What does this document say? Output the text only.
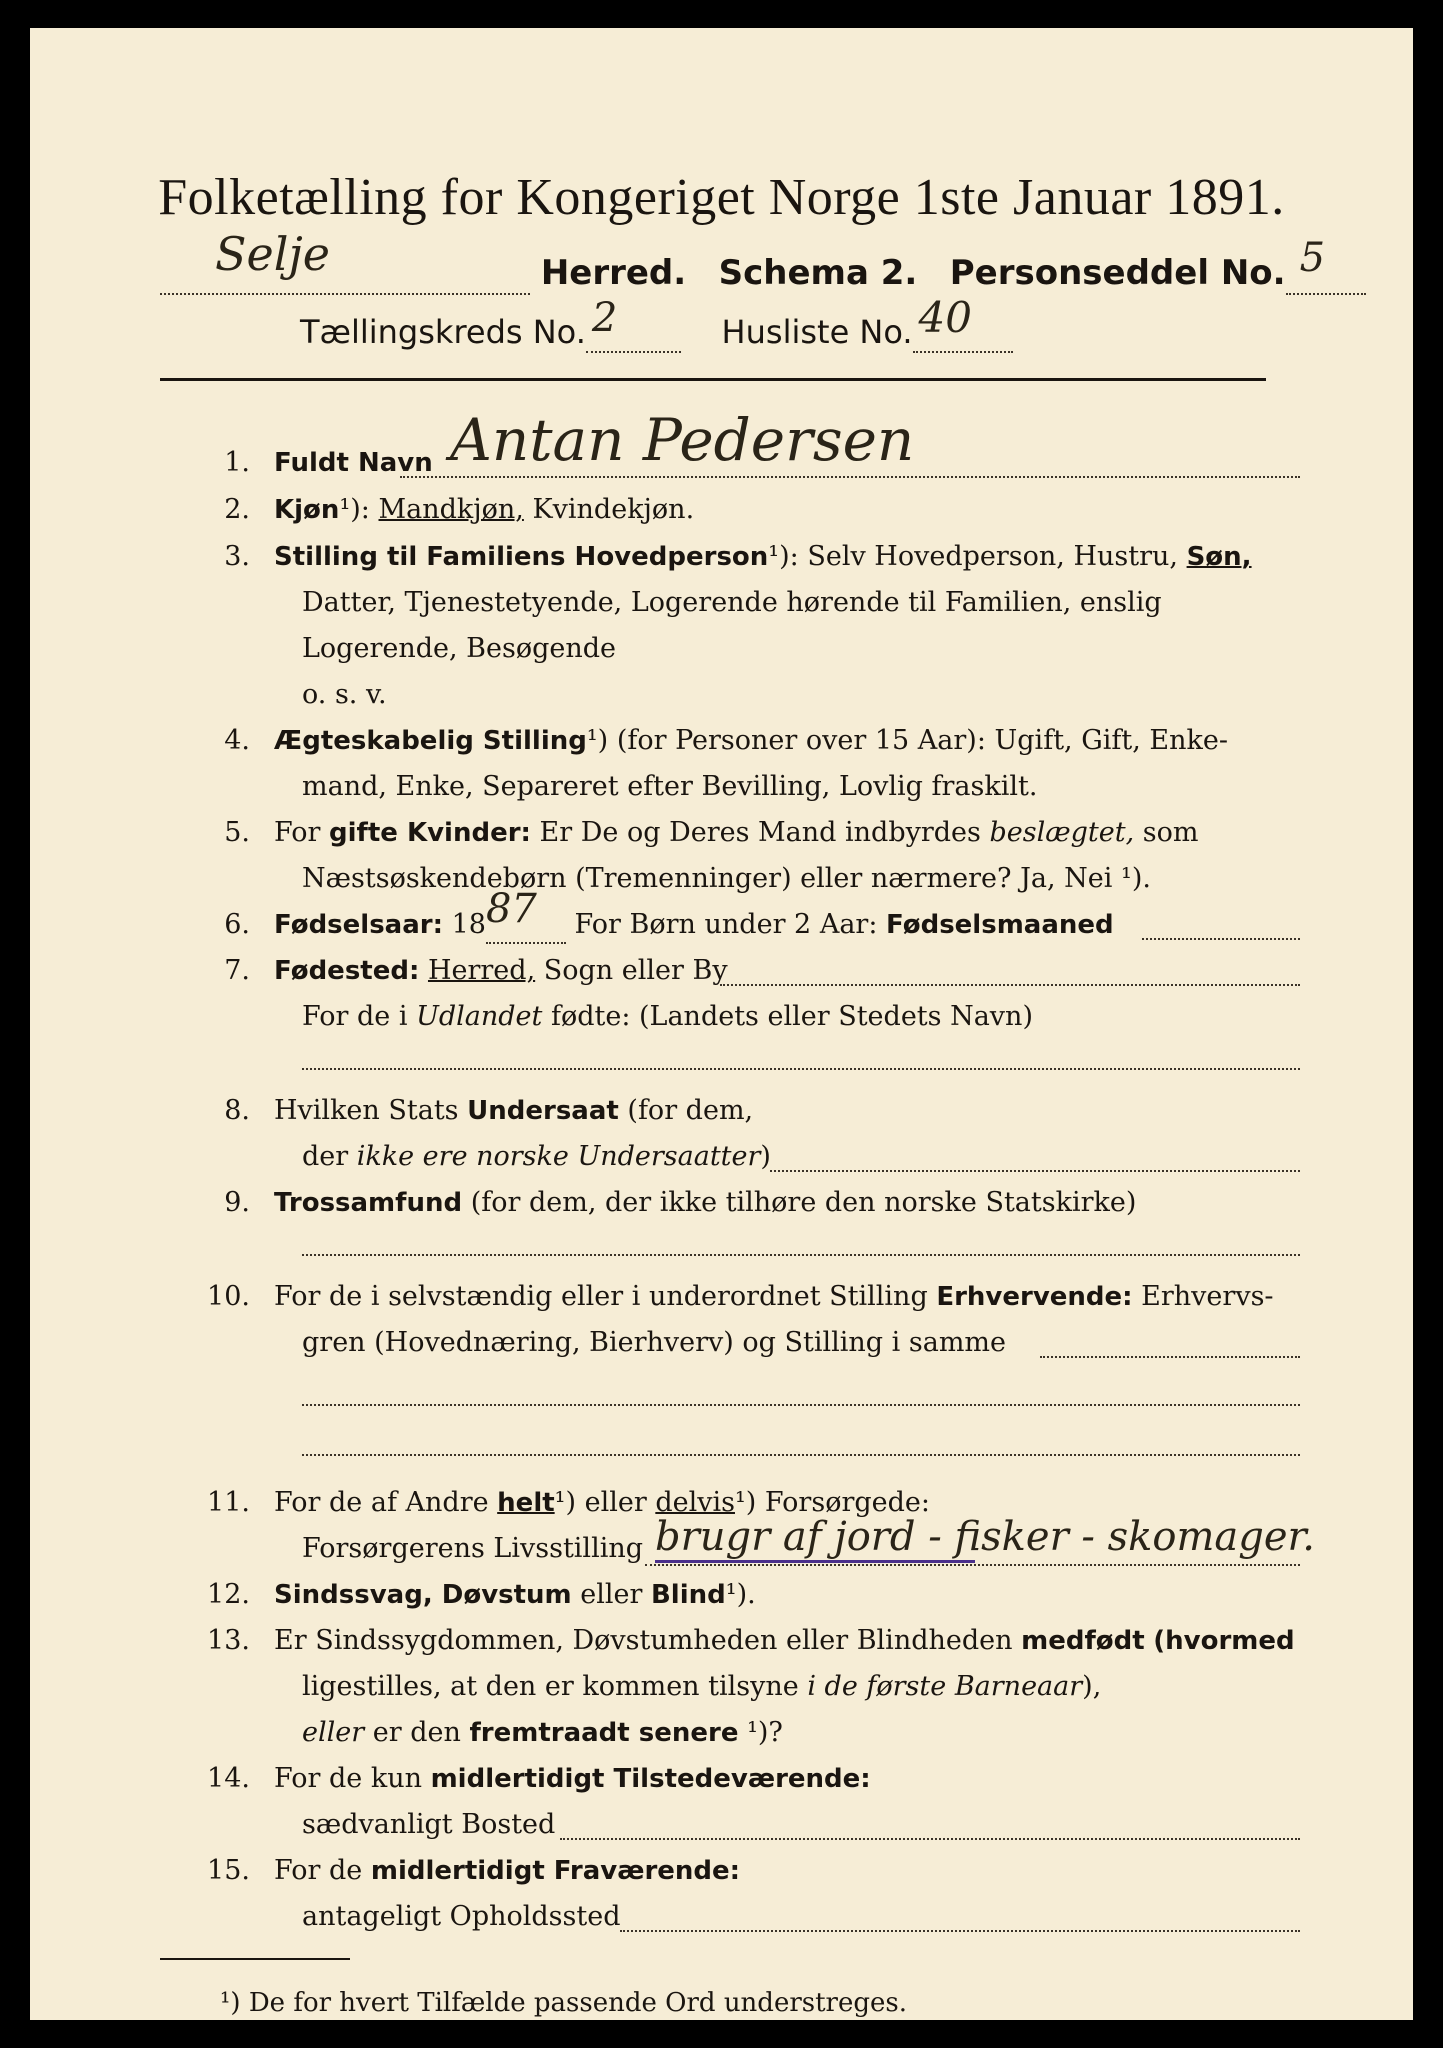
Folketælling for Kongeriget Norge 1ste Januar 1891.
Selje	Herred. Schema 2. Personseddel No. 5

Tællingskreds No. 2	Husliste No. 40

1. Fuldt Navn Antan Pedersen
2. Kjøn¹): Mandkjøn, Kvindekjøn.
3. Stilling til Familiens Hovedperson¹): Selv Hovedperson, Hustru, Søn,
Datter, Tjenestetyende, Logerende hørende til Familien, enslig
Logerende, Besøgende
o. s. v.
4. Ægteskabelig Stilling¹) (for Personer over 15 Aar): Ugift, Gift, Enke-
mand, Enke, Separeret efter Bevilling, Lovlig fraskilt.
5. For gifte Kvinder: Er De og Deres Mand indbyrdes beslægtet, som
Næstsøskendebørn (Tremenninger) eller nærmere? Ja, Nei ¹).
6. Fødselsaar: 18 87 For Børn under 2 Aar: Fødselsmaaned
7. Fødested: Herred, Sogn eller By
For de i Udlandet fødte: (Landets eller Stedets Navn)
8. Hvilken Stats Undersaat (for dem,
der ikke ere norske Undersaatter)
9. Trossamfund (for dem, der ikke tilhøre den norske Statskirke)
10. For de i selvstændig eller i underordnet Stilling Erhvervende: Erhvervs-
gren (Hovednæring, Bierhverv) og Stilling i samme
11. For de af Andre helt¹) eller delvis¹) Forsørgede:
Forsørgerens Livsstilling brugr af jord - fisker - skomager.
12. Sindssvag, Døvstum eller Blind¹).
13. Er Sindssygdommen, Døvstumheden eller Blindheden medfødt (hvormed
ligestilles, at den er kommen tilsyne i de første Barneaar),
eller er den fremtraadt senere ¹)?
14. For de kun midlertidigt Tilstedeværende:
sædvanligt Bosted
15. For de midlertidigt Fraværende:
antageligt Opholdssted
¹) De for hvert Tilfælde passende Ord understreges.
